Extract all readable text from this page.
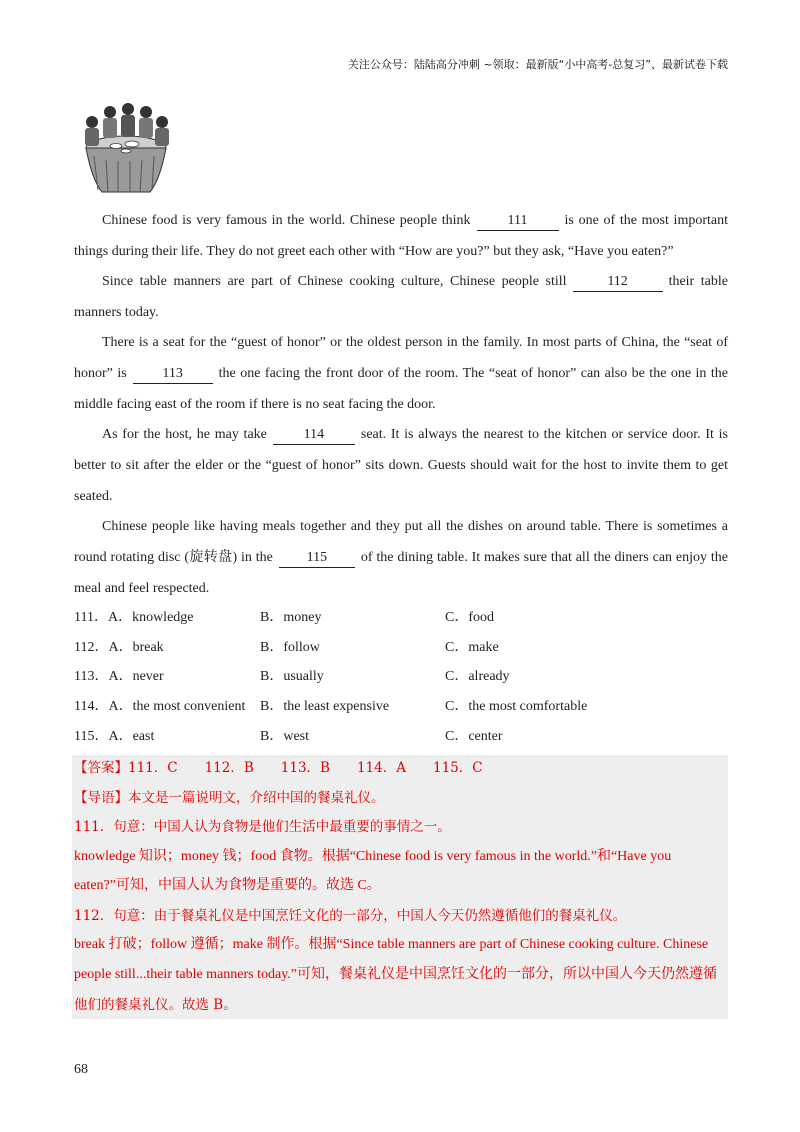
关注公众号：陆陆高分冲刺 ~领取：最新版“小中高考-总复习”、最新试卷下载
Chinese food is very famous in the world. Chinese people think	111	is one of the most important things during their life. They do not greet each other with “How are you?” but they ask, “Have you eaten?”
Since table manners are part of Chinese cooking culture, Chinese people still	112	their table manners today.
There is a seat for the “guest of honor” or the oldest person in the family. In most parts of China, the “seat of honor” is	113	the one facing the front door of the room. The “seat of honor” can also be the one in the middle facing east of the room if there is no seat facing the door.
As for the host, he may take	114	seat. It is always the nearest to the kitchen or service door. It is better to sit after the elder or the “guest of honor” sits down. Guests should wait for the host to invite them to get seated.
Chinese people like having meals together and they put all the dishes on around table. There is sometimes a round rotating disc (旋转盘) in the 115 of the dining table. It makes sure that all the diners can enjoy the meal and feel respected.
111．A．knowledge	B．money	C．food
112．A．break	B．follow	C．make
113．A．never	B．usually	C．already
114．A．the most convenient B．the least expensive	C．the most comfortable
115．A．east	B．west	C．center
【答案】111．C　　112．B　　113．B　　114．A　　115．C
【导语】本文是一篇说明文，介绍中国的餐桌礼仪。
111．句意：中国人认为食物是他们生活中最重要的事情之一。
knowledge 知识；money 钱；food 食物。根据“Chinese food is very famous in the world.”和“Have you
eaten?”可知，中国人认为食物是重要的。故选 C。
112．句意：由于餐桌礼仪是中国烹饪文化的一部分，中国人今天仍然遵循他们的餐桌礼仪。
break 打破；follow 遵循；make 制作。根据“Since table manners are part of Chinese cooking culture. Chinese
people still...their table manners today.”可知，餐桌礼仪是中国烹饪文化的一部分，所以中国人今天仍然遵循
他们的餐桌礼仪。故选 B。
68
